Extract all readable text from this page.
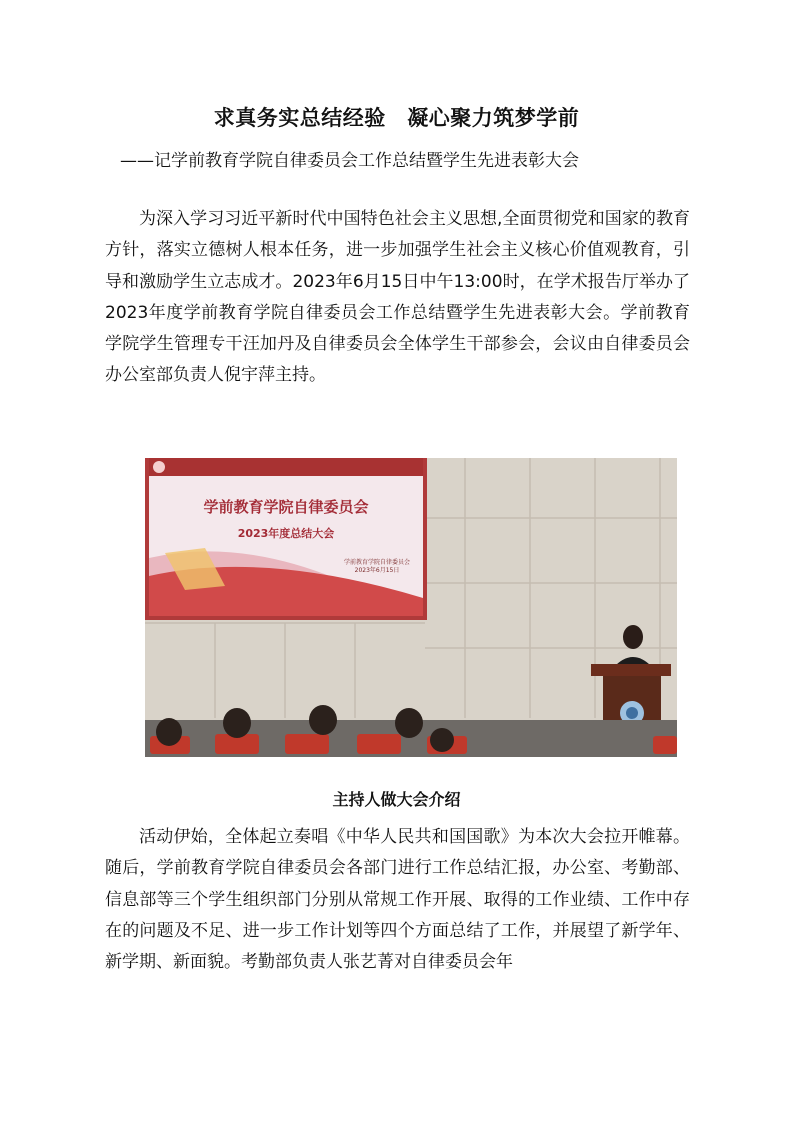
求真务实总结经验　凝心聚力筑梦学前
——记学前教育学院自律委员会工作总结暨学生先进表彰大会

为深入学习习近平新时代中国特色社会主义思想,全面贯彻党和国家的教育方针，落实立德树人根本任务，进一步加强学生社会主义核心价值观教育，引导和激励学生立志成才。2023年6月15日中午13:00时，在学术报告厅举办了2023年度学前教育学院自律委员会工作总结暨学生先进表彰大会。学前教育学院学生管理专干汪加丹及自律委员会全体学生干部参会，会议由自律委员会办公室部负责人倪宇萍主持。

学前教育学院自律委员会
2023年度总结大会
学前教育学院自律委员会
2023年6月15日
主持人做大会介绍

活动伊始，全体起立奏唱《中华人民共和国国歌》为本次大会拉开帷幕。随后，学前教育学院自律委员会各部门进行工作总结汇报，办公室、考勤部、信息部等三个学生组织部门分别从常规工作开展、取得的工作业绩、工作中存在的问题及不足、进一步工作计划等四个方面总结了工作，并展望了新学年、新学期、新面貌。考勤部负责人张艺菁对自律委员会年
